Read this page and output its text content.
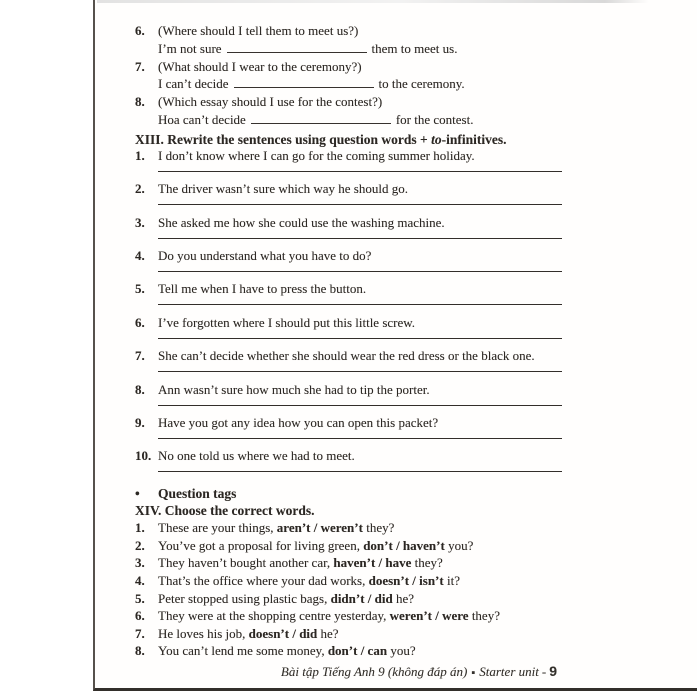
6.	(Where should I tell them to meet us?)
I’m not sure	them to meet us.
7.	(What should I wear to the ceremony?)
I can’t decide	to the ceremony.
8.	(Which essay should I use for the contest?)
Hoa can’t decide	for the contest.
XIII. Rewrite the sentences using question words + to-infinitives.
1.	I don’t know where I can go for the coming summer holiday.
2.	The driver wasn’t sure which way he should go.
3.	She asked me how she could use the washing machine.
4.	Do you understand what you have to do?
5.	Tell me when I have to press the button.
6.	I’ve forgotten where I should put this little screw.
7.	She can’t decide whether she should wear the red dress or the black one.
8.	Ann wasn’t sure how much she had to tip the porter.
9.	Have you got any idea how you can open this packet?
10. No one told us where we had to meet.
•	Question tags
XIV. Choose the correct words.
1.	These are your things, aren’t / weren’t they?
2.	You’ve got a proposal for living green, don’t / haven’t you?
3.	They haven’t bought another car, haven’t / have they?
4.	That’s the office where your dad works, doesn’t / isn’t it?
5.	Peter stopped using plastic bags, didn’t / did he?
6.	They were at the shopping centre yesterday, weren’t / were they?
7.	He loves his job, doesn’t / did he?
8.	You can’t lend me some money, don’t / can you?
Bài tập Tiếng Anh 9 (không đáp án) ▪ Starter unit - 9
